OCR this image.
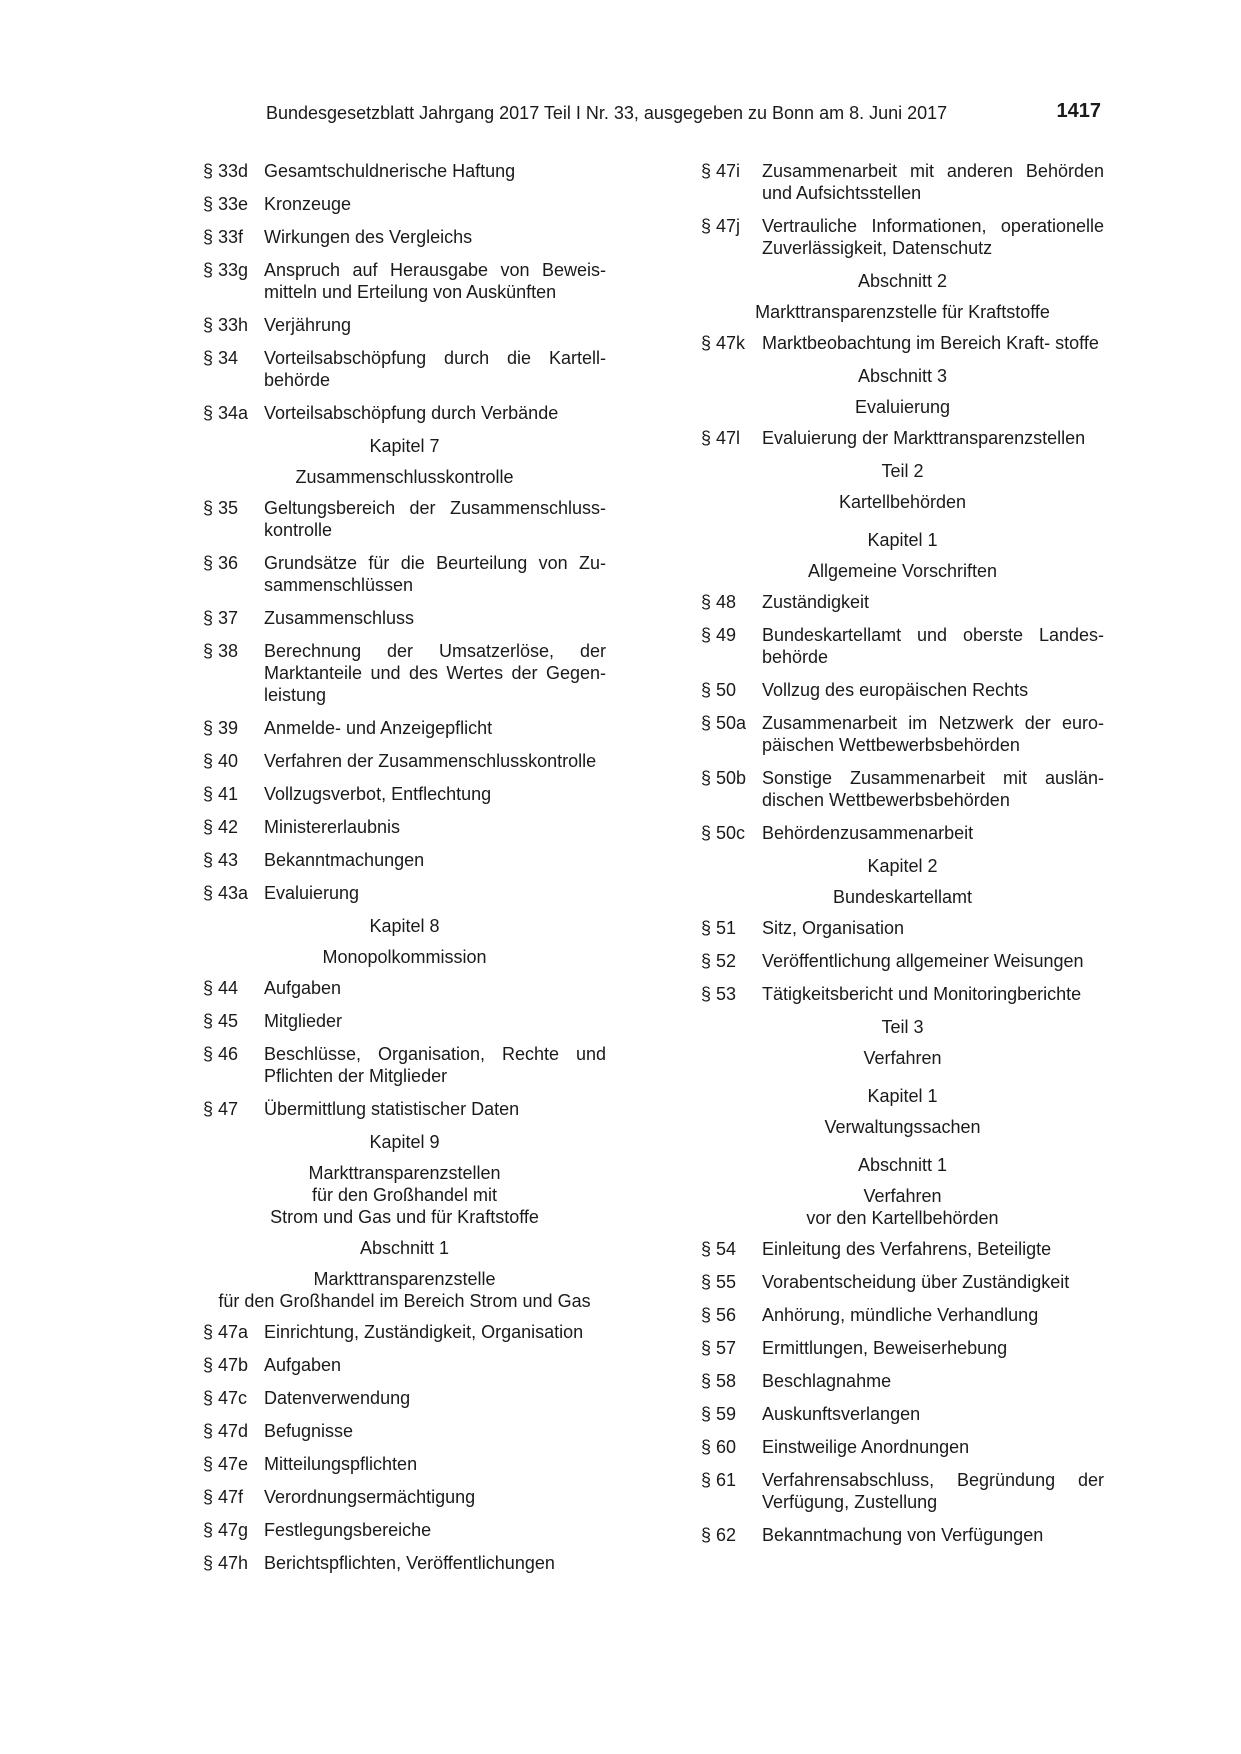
Bundesgesetzblatt Jahrgang 2017 Teil I Nr. 33, ausgegeben zu Bonn am 8. Juni 2017	1417
§ 33d Gesamtschuldnerische Haftung
§ 33e Kronzeuge
§ 33f Wirkungen des Vergleichs
§ 33g Anspruch auf Herausgabe von Beweis- mitteln und Erteilung von Auskünften
§ 33h Verjährung
§ 34 Vorteilsabschöpfung durch die Kartell- behörde
§ 34a Vorteilsabschöpfung durch Verbände
Kapitel 7
Zusammenschlusskontrolle
§ 35 Geltungsbereich der Zusammenschluss- kontrolle
§ 36 Grundsätze für die Beurteilung von Zu- sammenschlüssen
§ 37 Zusammenschluss
§ 38 Berechnung der Umsatzerlöse, der Marktanteile und des Wertes der Gegen- leistung
§ 39 Anmelde- und Anzeigepflicht
§ 40 Verfahren der Zusammenschlusskontrolle
§ 41 Vollzugsverbot, Entflechtung
§ 42 Ministererlaubnis
§ 43 Bekanntmachungen
§ 43a Evaluierung
Kapitel 8
Monopolkommission
§ 44 Aufgaben
§ 45 Mitglieder
§ 46 Beschlüsse, Organisation, Rechte und Pflichten der Mitglieder
§ 47 Übermittlung statistischer Daten
Kapitel 9
Markttransparenzstellen
für den Großhandel mit
Strom und Gas und für Kraftstoffe
Abschnitt 1
Markttransparenzstelle
für den Großhandel im Bereich Strom und Gas
§ 47a Einrichtung, Zuständigkeit, Organisation
§ 47b Aufgaben
§ 47c Datenverwendung
§ 47d Befugnisse
§ 47e Mitteilungspflichten
§ 47f Verordnungsermächtigung
§ 47g Festlegungsbereiche
§ 47h Berichtspflichten, Veröffentlichungen
§ 47i Zusammenarbeit mit anderen Behörden und Aufsichtsstellen
§ 47j Vertrauliche Informationen, operationelle Zuverlässigkeit, Datenschutz
Abschnitt 2
Markttransparenzstelle für Kraftstoffe
§ 47k Marktbeobachtung im Bereich Kraft- stoffe
Abschnitt 3
Evaluierung
§ 47l Evaluierung der Markttransparenzstellen
Teil 2
Kartellbehörden
Kapitel 1
Allgemeine Vorschriften
§ 48 Zuständigkeit
§ 49 Bundeskartellamt und oberste Landes- behörde
§ 50 Vollzug des europäischen Rechts
§ 50a Zusammenarbeit im Netzwerk der euro- päischen Wettbewerbsbehörden
§ 50b Sonstige Zusammenarbeit mit auslän- dischen Wettbewerbsbehörden
§ 50c Behördenzusammenarbeit
Kapitel 2
Bundeskartellamt
§ 51 Sitz, Organisation
§ 52 Veröffentlichung allgemeiner Weisungen
§ 53 Tätigkeitsbericht und Monitoringberichte
Teil 3
Verfahren
Kapitel 1
Verwaltungssachen
Abschnitt 1
Verfahren
vor den Kartellbehörden
§ 54 Einleitung des Verfahrens, Beteiligte
§ 55 Vorabentscheidung über Zuständigkeit
§ 56 Anhörung, mündliche Verhandlung
§ 57 Ermittlungen, Beweiserhebung
§ 58 Beschlagnahme
§ 59 Auskunftsverlangen
§ 60 Einstweilige Anordnungen
§ 61 Verfahrensabschluss, Begründung der Verfügung, Zustellung
§ 62 Bekanntmachung von Verfügungen
